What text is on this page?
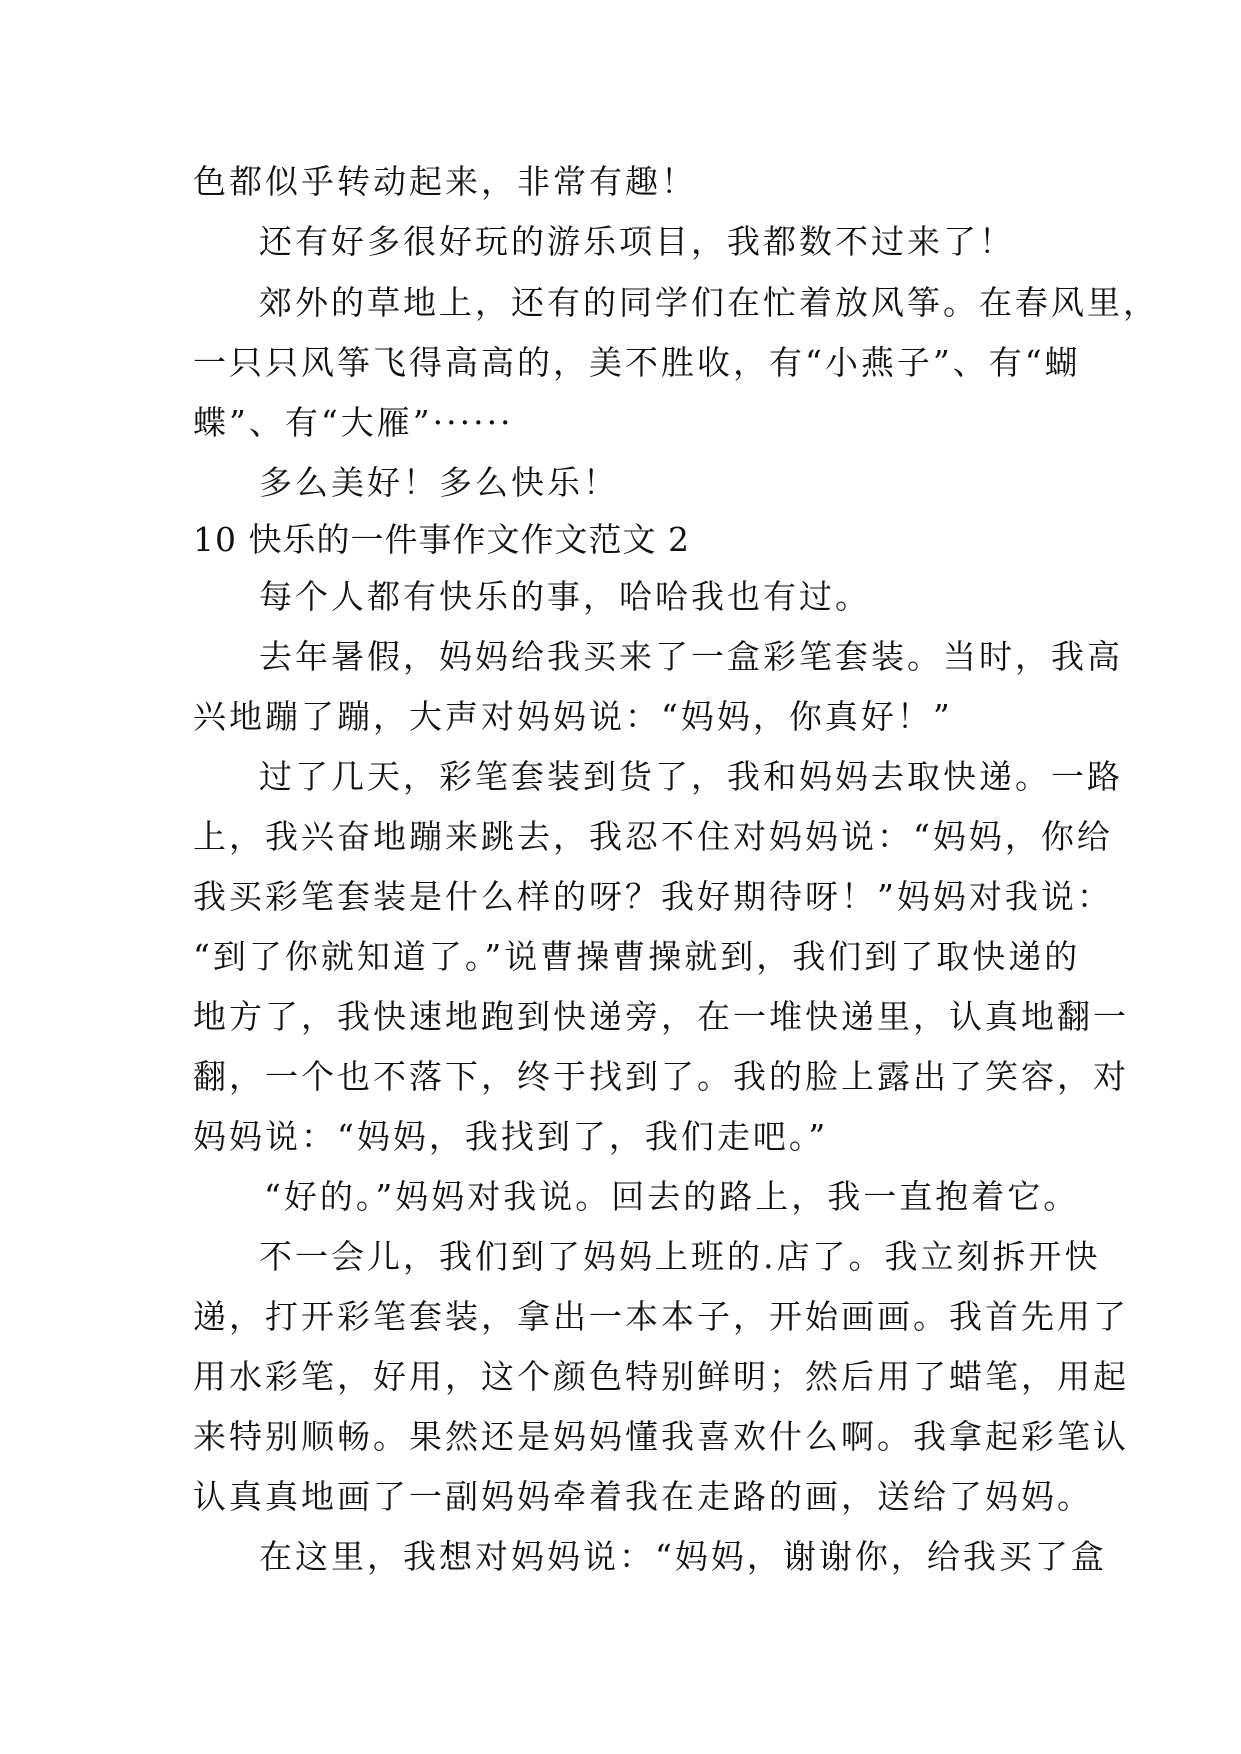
色都似乎转动起来，非常有趣！
还有好多很好玩的游乐项目，我都数不过来了！
郊外的草地上，还有的同学们在忙着放风筝。在春风里，
一只只风筝飞得高高的，美不胜收，有“小燕子”、有“蝴
蝶”、有“大雁”······
多么美好！多么快乐！
10 快乐的一件事作文作文范文 2
每个人都有快乐的事，哈哈我也有过。
去年暑假，妈妈给我买来了一盒彩笔套装。当时，我高
兴地蹦了蹦，大声对妈妈说：“妈妈，你真好！”
过了几天，彩笔套装到货了，我和妈妈去取快递。一路
上，我兴奋地蹦来跳去，我忍不住对妈妈说：“妈妈，你给
我买彩笔套装是什么样的呀？我好期待呀！”妈妈对我说：
“到了你就知道了。”说曹操曹操就到，我们到了取快递的
地方了，我快速地跑到快递旁，在一堆快递里，认真地翻一
翻，一个也不落下，终于找到了。我的脸上露出了笑容，对
妈妈说：“妈妈，我找到了，我们走吧。”
“好的。”妈妈对我说。回去的路上，我一直抱着它。
不一会儿，我们到了妈妈上班的.店了。我立刻拆开快
递，打开彩笔套装，拿出一本本子，开始画画。我首先用了
用水彩笔，好用，这个颜色特别鲜明；然后用了蜡笔，用起
来特别顺畅。果然还是妈妈懂我喜欢什么啊。我拿起彩笔认
认真真地画了一副妈妈牵着我在走路的画，送给了妈妈。
在这里，我想对妈妈说：“妈妈，谢谢你，给我买了盒
